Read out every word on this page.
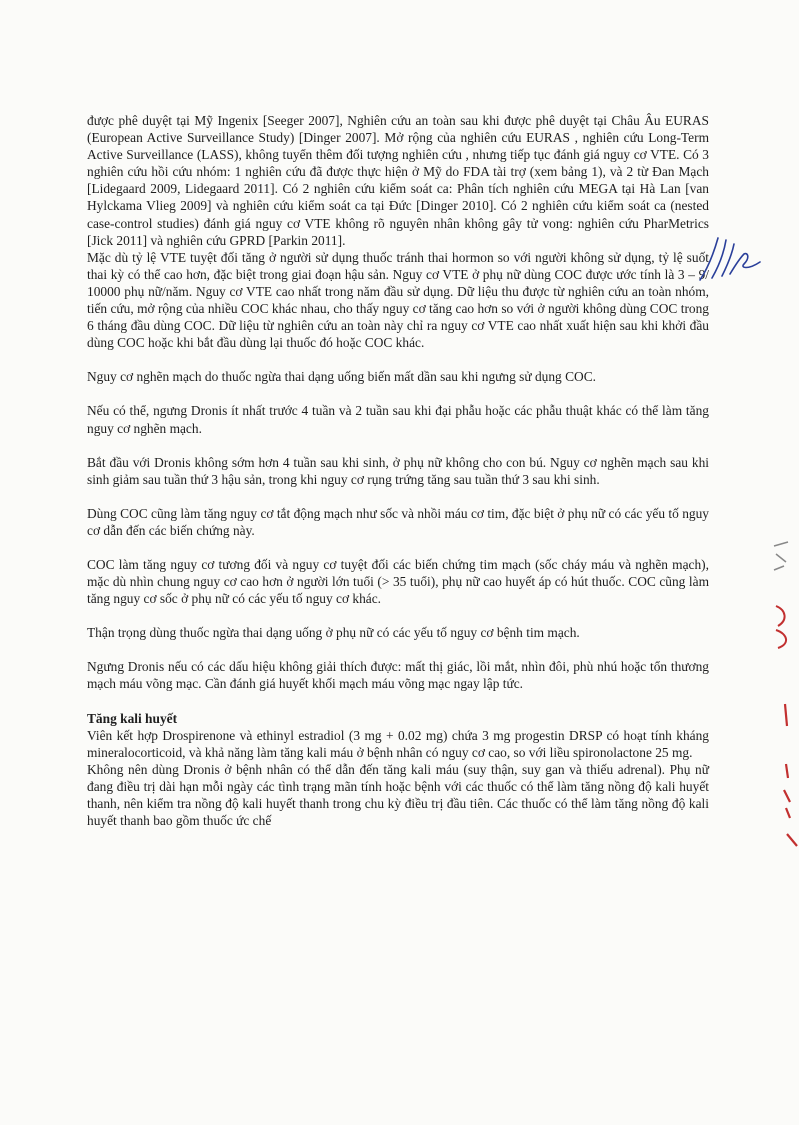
được phê duyệt tại Mỹ Ingenix [Seeger 2007], Nghiên cứu an toàn sau khi được phê duyệt tại Châu Âu EURAS (European Active Surveillance Study) [Dinger 2007]. Mở rộng của nghiên cứu EURAS , nghiên cứu Long-Term Active Surveillance (LASS), không tuyển thêm đối tượng nghiên cứu , nhưng tiếp tục đánh giá nguy cơ VTE. Có 3 nghiên cứu hồi cứu nhóm: 1 nghiên cứu đã được thực hiện ở Mỹ do FDA tài trợ (xem bảng 1), và 2 từ Đan Mạch [Lidegaard 2009, Lidegaard 2011]. Có 2 nghiên cứu kiểm soát ca: Phân tích nghiên cứu MEGA tại Hà Lan [van Hylckama Vlieg 2009] và nghiên cứu kiểm soát ca tại Đức [Dinger 2010]. Có 2 nghiên cứu kiểm soát ca (nested case-control studies) đánh giá nguy cơ VTE không rõ nguyên nhân không gây tử vong: nghiên cứu PharMetrics [Jick 2011] và nghiên cứu GPRD [Parkin 2011].

Mặc dù tỷ lệ VTE tuyệt đối tăng ở người sử dụng thuốc tránh thai hormon so với người không sử dụng, tỷ lệ suốt thai kỳ có thể cao hơn, đặc biệt trong giai đoạn hậu sản. Nguy cơ VTE ở phụ nữ dùng COC được ước tính là 3 – 9/ 10000 phụ nữ/năm. Nguy cơ VTE cao nhất trong năm đầu sử dụng. Dữ liệu thu được từ nghiên cứu an toàn nhóm, tiến cứu, mở rộng của nhiều COC khác nhau, cho thấy nguy cơ tăng cao hơn so với ở người không dùng COC trong 6 tháng đầu dùng COC. Dữ liệu từ nghiên cứu an toàn này chỉ ra nguy cơ VTE cao nhất xuất hiện sau khi khởi đầu dùng COC hoặc khi bắt đầu dùng lại thuốc đó hoặc COC khác.

Nguy cơ nghẽn mạch do thuốc ngừa thai dạng uống biến mất dần sau khi ngưng sử dụng COC.

Nếu có thể, ngưng Dronis ít nhất trước 4 tuần và 2 tuần sau khi đại phẫu hoặc các phẫu thuật khác có thể làm tăng nguy cơ nghẽn mạch.

Bắt đầu với Dronis không sớm hơn 4 tuần sau khi sinh, ở phụ nữ không cho con bú. Nguy cơ nghẽn mạch sau khi sinh giảm sau tuần thứ 3 hậu sản, trong khi nguy cơ rụng trứng tăng sau tuần thứ 3 sau khi sinh.

Dùng COC cũng làm tăng nguy cơ tắt động mạch như sốc và nhồi máu cơ tim, đặc biệt ở phụ nữ có các yếu tố nguy cơ dẫn đến các biến chứng này.

COC làm tăng nguy cơ tương đối và nguy cơ tuyệt đối các biến chứng tim mạch (sốc cháy máu và nghẽn mạch), mặc dù nhìn chung nguy cơ cao hơn ở người lớn tuổi (> 35 tuổi), phụ nữ cao huyết áp có hút thuốc. COC cũng làm tăng nguy cơ sốc ở phụ nữ có các yếu tố nguy cơ khác.

Thận trọng dùng thuốc ngừa thai dạng uống ở phụ nữ có các yếu tố nguy cơ bệnh tim mạch.

Ngưng Dronis nếu có các dấu hiệu không giải thích được: mất thị giác, lồi mắt, nhìn đôi, phù nhú hoặc tổn thương mạch máu võng mạc. Cần đánh giá huyết khối mạch máu võng mạc ngay lập tức.

Tăng kali huyết

Viên kết hợp Drospirenone và ethinyl estradiol (3 mg + 0.02 mg) chứa 3 mg progestin DRSP có hoạt tính kháng mineralocorticoid, và khả năng làm tăng kali máu ở bệnh nhân có nguy cơ cao, so với liều spironolactone 25 mg.

Không nên dùng Dronis ở bệnh nhân có thể dẫn đến tăng kali máu (suy thận, suy gan và thiếu adrenal). Phụ nữ đang điều trị dài hạn mỗi ngày các tình trạng mãn tính hoặc bệnh với các thuốc có thể làm tăng nồng độ kali huyết thanh, nên kiểm tra nồng độ kali huyết thanh trong chu kỳ điều trị đầu tiên. Các thuốc có thể làm tăng nồng độ kali huyết thanh bao gồm thuốc ức chế
